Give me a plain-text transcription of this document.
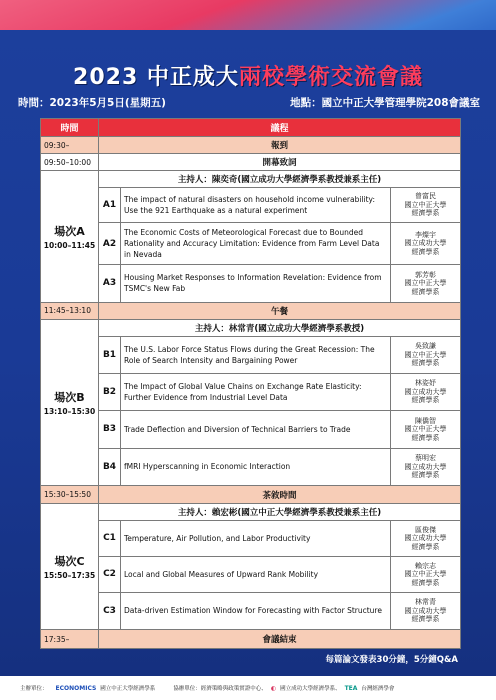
2023 中正成大兩校學術交流會議
時間：2023年5月5日(星期五)	地點：國立中正大學管理學院208會議室
時間	議程		
09:30–	報到		
09:50–10:00	開幕致詞		

場次A
10:00–11:45	主持人：陳奕奇(國立成功大學經濟學系教授兼系主任)		
	A1	The impact of natural disasters on household income vulnerability: Use the 921 Earthquake as a natural experiment	曾富民
國立中正大學
經濟學系

	A2	The Economic Costs of Meteorological Forecast due to Bounded Rationality and Accuracy Limitation: Evidence from Farm Level Data in Nevada	李燦宇
國立成功大學
經濟學系

	A3	Housing Market Responses to Information Revelation: Evidence from TSMC's New Fab	郭芳彰
國立中正大學
經濟學系

11:45–13:10	午餐		

場次B
13:10–15:30	主持人：林常青(國立成功大學經濟學系教授)		
	B1	The U.S. Labor Force Status Flows during the Great Recession: The Role of Search Intensity and Bargaining Power	吳致謙
國立中正大學
經濟學系

	B2	The Impact of Global Value Chains on Exchange Rate Elasticity: Further Evidence from Industrial Level Data	林姿妤
國立成功大學
經濟學系

	B3	Trade Deflection and Diversion of Technical Barriers to Trade	陳僑智
國立中正大學
經濟學系

	B4	fMRI Hyperscanning in Economic Interaction	蔡明宏
國立成功大學
經濟學系

15:30–15:50	茶敘時間		

場次C
15:50–17:35	主持人：賴宏彬(國立中正大學經濟學系教授兼系主任)		
	C1	Temperature, Air Pollution, and Labor Productivity	區俊傑
國立成功大學
經濟學系

	C2	Local and Global Measures of Upward Rank Mobility	賴宗志
國立中正大學
經濟學系

	C3	Data-driven Estimation Window for Forecasting with Factor Structure	林常青
國立成功大學
經濟學系

17:35–	會議結束		
每篇論文發表30分鐘，5分鐘Q&A
主辦單位： ECONOMICS 國立中正大學經濟學系	協辦單位：經濟策略與政策實證中心、 ◐ 國立成功大學經濟學系、 TEA 台灣經濟學會
